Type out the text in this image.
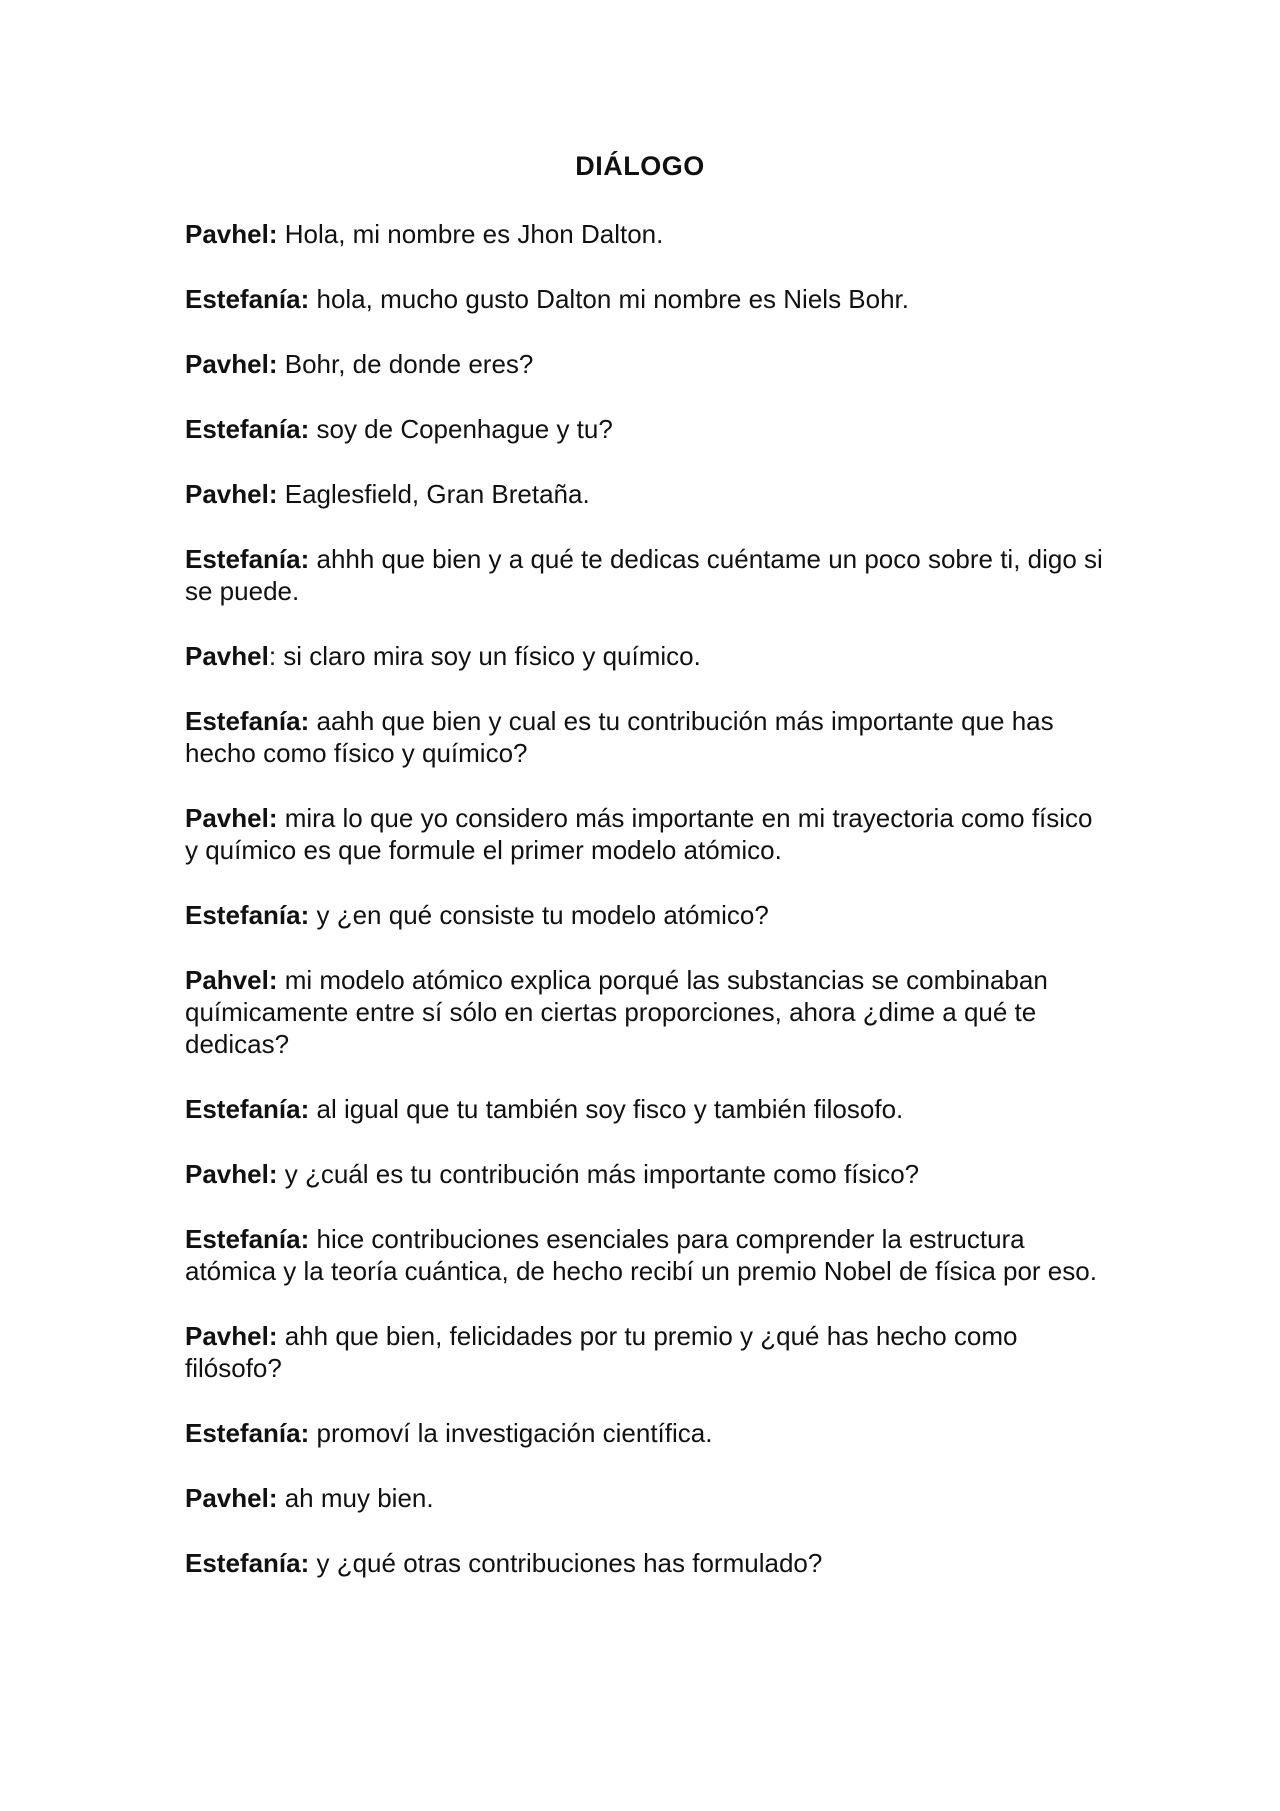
DIÁLOGO

Pavhel: Hola, mi nombre es Jhon Dalton.

Estefanía: hola, mucho gusto Dalton mi nombre es Niels Bohr.

Pavhel: Bohr, de donde eres?

Estefanía: soy de Copenhague y tu?

Pavhel: Eaglesfield, Gran Bretaña.

Estefanía: ahhh que bien y a qué te dedicas cuéntame un poco sobre ti, digo si se puede.

Pavhel: si claro mira soy un físico y químico.

Estefanía: aahh que bien y cual es tu contribución más importante que has hecho como físico y químico?

Pavhel: mira lo que yo considero más importante en mi trayectoria como físico y químico es que formule el primer modelo atómico.

Estefanía: y ¿en qué consiste tu modelo atómico?

Pahvel: mi modelo atómico explica porqué las substancias se combinaban químicamente entre sí sólo en ciertas proporciones, ahora ¿dime a qué te dedicas?

Estefanía: al igual que tu también soy fisco y también filosofo.

Pavhel: y ¿cuál es tu contribución más importante como físico?

Estefanía: hice contribuciones esenciales para comprender la estructura atómica y la teoría cuántica, de hecho recibí un premio Nobel de física por eso.

Pavhel: ahh que bien, felicidades por tu premio y ¿qué has hecho como filósofo?

Estefanía: promoví la investigación científica.

Pavhel: ah muy bien.

Estefanía: y ¿qué otras contribuciones has formulado?
